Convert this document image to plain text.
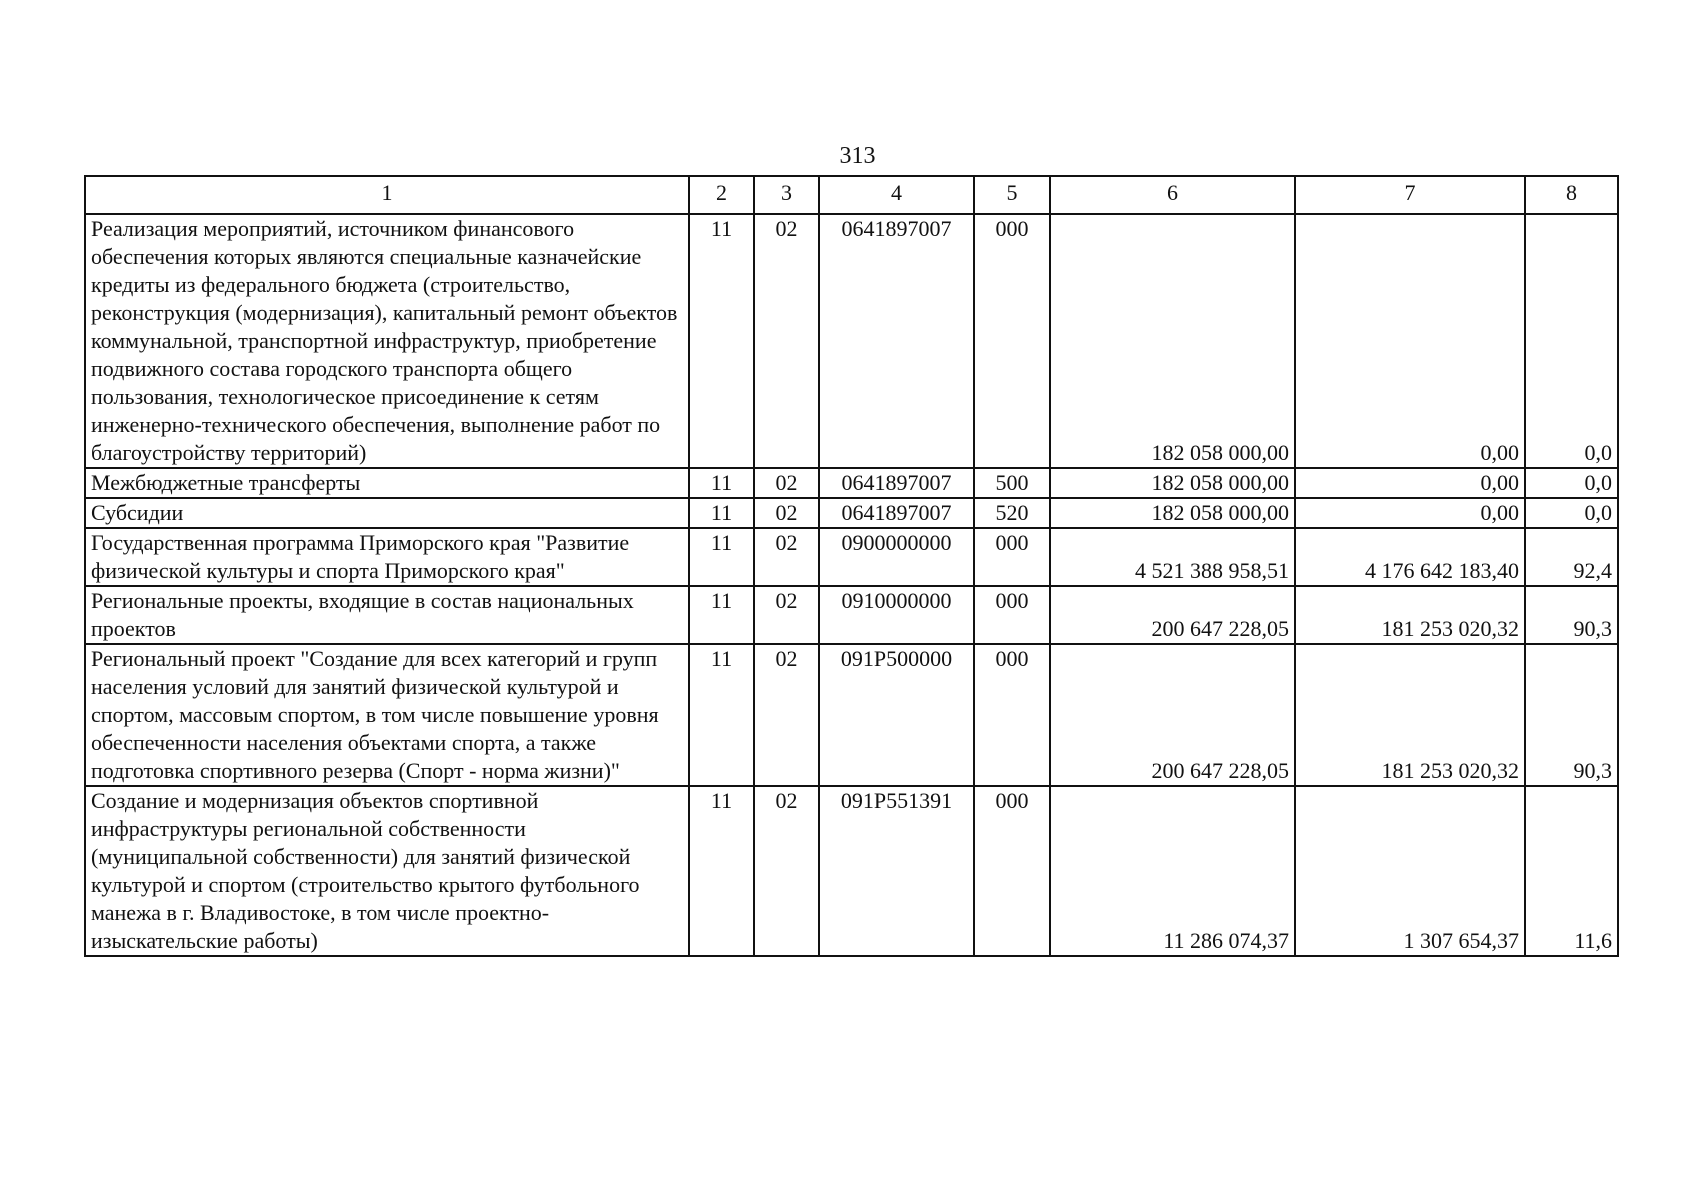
313
1	2	3	4	5	6	7	8
Реализация мероприятий, источником финансового обеспечения которых являются специальные казначейские кредиты из федерального бюджета (строительство, реконструкция (модернизация), капитальный ремонт объектов коммунальной, транспортной инфраструктур, приобретение подвижного состава городского транспорта общего пользования, технологическое присоединение к сетям инженерно-технического обеспечения, выполнение работ по благоустройству территорий)	11	02	0641897007	000	182 058 000,00	0,00	0,0
Межбюджетные трансферты	11	02	0641897007	500	182 058 000,00	0,00	0,0
Субсидии	11	02	0641897007	520	182 058 000,00	0,00	0,0
Государственная программа Приморского края "Развитие физической культуры и спорта Приморского края"	11	02	0900000000	000	4 521 388 958,51	4 176 642 183,40	92,4
Региональные проекты, входящие в состав национальных проектов	11	02	0910000000	000	200 647 228,05	181 253 020,32	90,3
Региональный проект "Создание для всех категорий и групп населения условий для занятий физической культурой и спортом, массовым спортом, в том числе повышение уровня обеспеченности населения объектами спорта, а также подготовка спортивного резерва (Спорт - норма жизни)"	11	02	091P500000	000	200 647 228,05	181 253 020,32	90,3
Создание и модернизация объектов спортивной инфраструктуры региональной собственности (муниципальной собственности) для занятий физической культурой и спортом (строительство крытого футбольного манежа в г. Владивостоке, в том числе проектно-изыскательские работы)	11	02	091P551391	000	11 286 074,37	1 307 654,37	11,6
